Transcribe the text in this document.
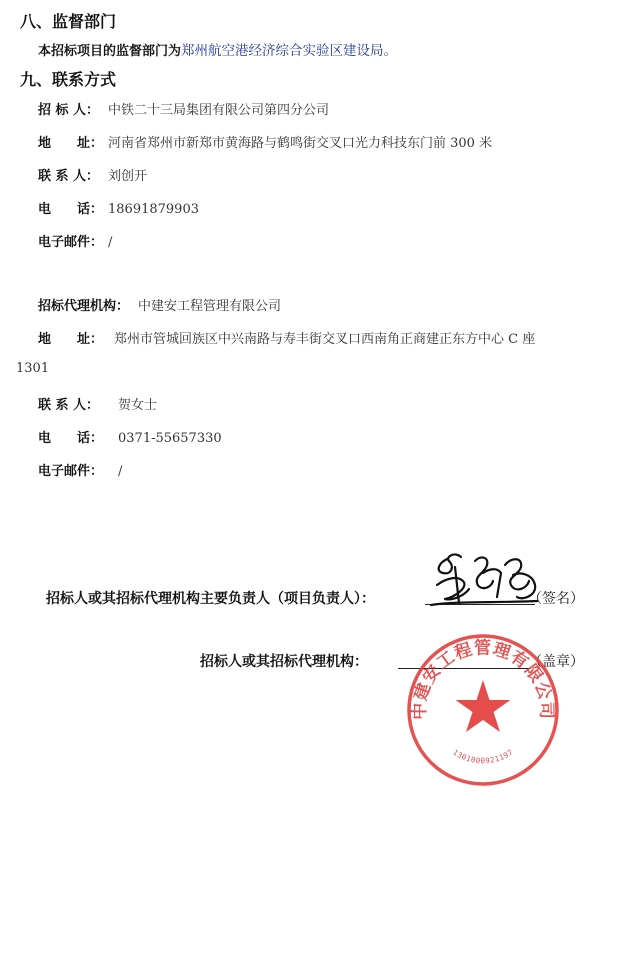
八、监督部门
本招标项目的监督部门为郑州航空港经济综合实验区建设局。
九、联系方式
招 标 人： 中铁二十三局集团有限公司第四分公司
地　　址： 河南省郑州市新郑市黄海路与鹤鸣街交叉口光力科技东门前 300 米
联 系 人： 刘创开
电　　话： 18691879903
电子邮件： /
招标代理机构： 中建安工程管理有限公司
地　　址： 郑州市管城回族区中兴南路与寿丰街交叉口西南角正商建正东方中心 C 座
1301
联 系 人： 贺女士
电　　话： 0371-55657330
电子邮件： /
招标人或其招标代理机构主要负责人（项目负责人）：	（签名）
招标人或其招标代理机构：	（盖章）
中建安工程管理有限公司
1301000921197
